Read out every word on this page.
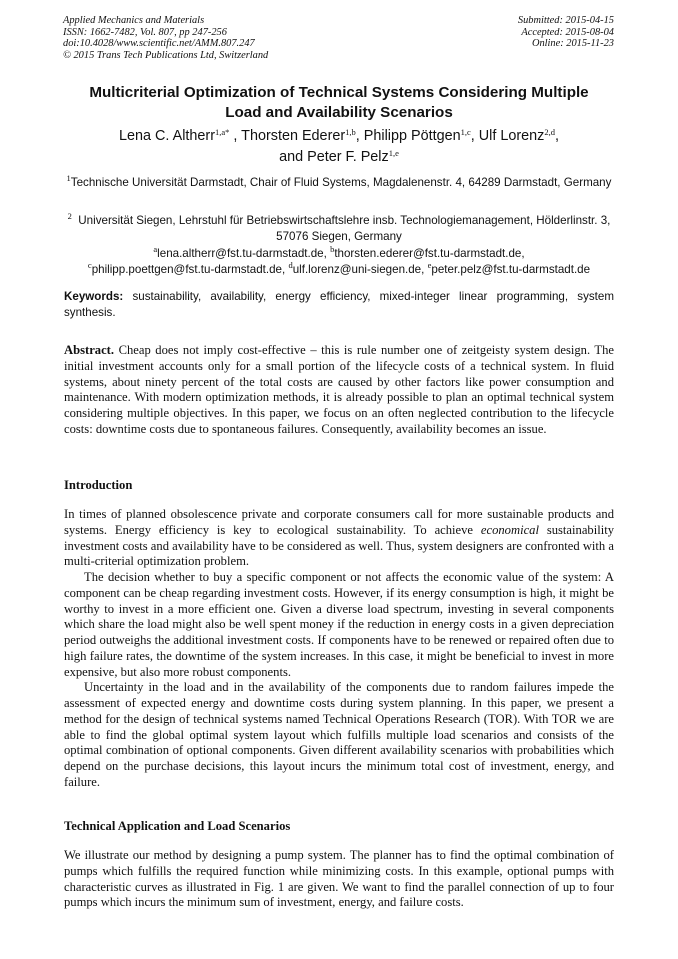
Applied Mechanics and Materials
ISSN: 1662-7482, Vol. 807, pp 247-256
doi:10.4028/www.scientific.net/AMM.807.247
© 2015 Trans Tech Publications Ltd, Switzerland
Submitted: 2015-04-15
Accepted: 2015-08-04
Online: 2015-11-23
Multicriterial Optimization of Technical Systems Considering Multiple
Load and Availability Scenarios
Lena C. Altherr$^{1,a*}$ , Thorsten Ederer$^{1,b}$, Philipp Pöttgen$^{1,c}$, Ulf Lorenz$^{2,d}$,
and Peter F. Pelz$^{1,e}$
$^1$Technische Universität Darmstadt, Chair of Fluid Systems, Magdalenenstr. 4, 64289 Darmstadt, Germany
$^2$ Universität Siegen, Lehrstuhl für Betriebswirtschaftslehre insb. Technologiemanagement, Hölderlinstr. 3, 57076 Siegen, Germany
$^a$lena.altherr@fst.tu-darmstadt.de, $^b$thorsten.ederer@fst.tu-darmstadt.de,
$^c$philipp.poettgen@fst.tu-darmstadt.de, $^d$ulf.lorenz@uni-siegen.de, $^e$peter.pelz@fst.tu-darmstadt.de
Keywords: sustainability, availability, energy efficiency, mixed-integer linear programming, system synthesis.
Abstract. Cheap does not imply cost-effective – this is rule number one of zeitgeisty system design. The initial investment accounts only for a small portion of the lifecycle costs of a technical system. In fluid systems, about ninety percent of the total costs are caused by other factors like power consumption and maintenance. With modern optimization methods, it is already possible to plan an optimal technical system considering multiple objectives. In this paper, we focus on an often neglected contribution to the lifecycle costs: downtime costs due to spontaneous failures. Consequently, availability becomes an issue.
Introduction

In times of planned obsolescence private and corporate consumers call for more sustainable products and systems. Energy efficiency is key to ecological sustainability. To achieve economical sustainability investment costs and availability have to be considered as well. Thus, system designers are confronted with a multi-criterial optimization problem.

The decision whether to buy a specific component or not affects the economic value of the system: A component can be cheap regarding investment costs. However, if its energy consumption is high, it might be worthy to invest in a more efficient one. Given a diverse load spectrum, investing in several components which share the load might also be well spent money if the reduction in energy costs in a given depreciation period outweighs the additional investment costs. If components have to be renewed or repaired often due to high failure rates, the downtime of the system increases. In this case, it might be beneficial to invest in more expensive, but also more robust components.

Uncertainty in the load and in the availability of the components due to random failures impede the assessment of expected energy and downtime costs during system planning. In this paper, we present a method for the design of technical systems named Technical Operations Research (TOR). With TOR we are able to find the global optimal system layout which fulfills multiple load scenarios and consists of the optimal combination of optional components. Given different availability scenarios with probabilities which depend on the purchase decisions, this layout incurs the minimum total cost of investment, energy, and failure.

Technical Application and Load Scenarios

We illustrate our method by designing a pump system. The planner has to find the optimal combination of pumps which fulfills the required function while minimizing costs. In this example, optional pumps with characteristic curves as illustrated in Fig. 1 are given. We want to find the parallel connection of up to four pumps which incurs the minimum sum of investment, energy, and failure costs.
